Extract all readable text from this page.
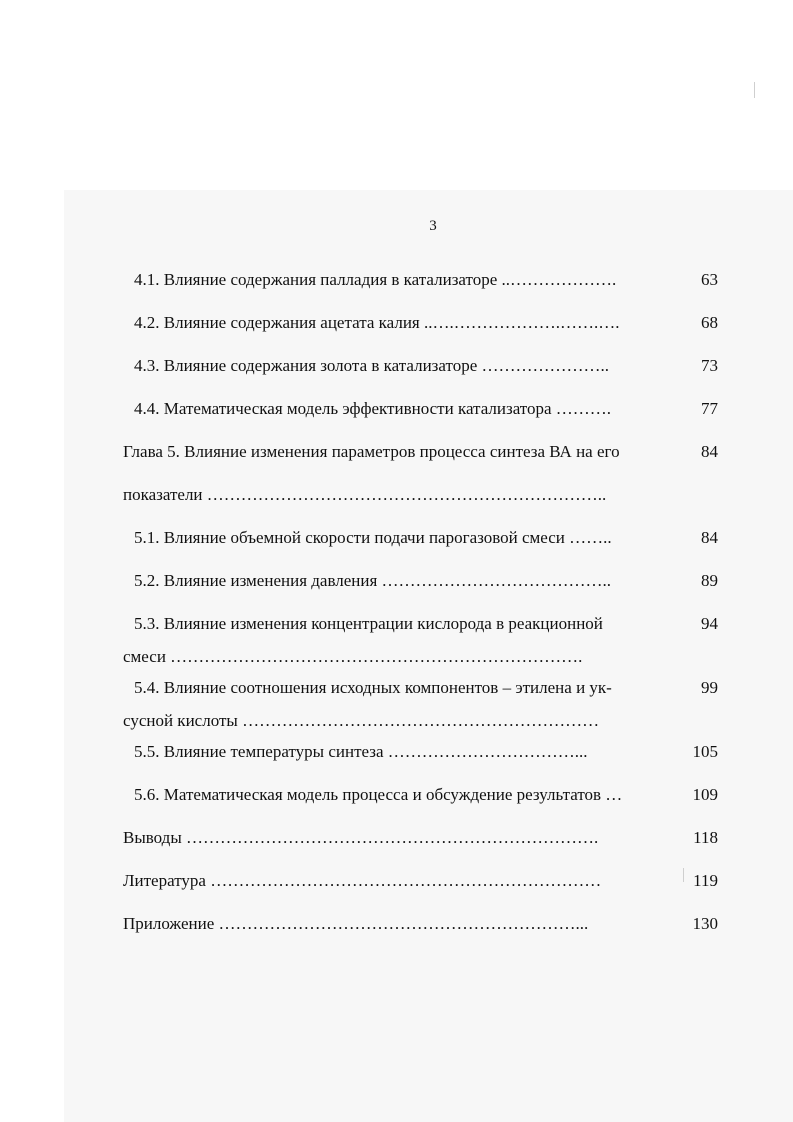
3
4.1. Влияние содержания палладия в катализаторе ..……………….	63
4.2. Влияние содержания ацетата калия ..….……………….…….….	68
4.3. Влияние содержания золота в катализаторе …………………..	73
4.4. Математическая модель эффективности катализатора ……….	77
Глава 5. Влияние изменения параметров процесса синтеза ВА на его	84
показатели ……………………………………………………………..
5.1. Влияние объемной скорости подачи парогазовой смеси ……..	84
5.2. Влияние изменения давления …………………………………..	89
5.3. Влияние изменения концентрации кислорода в реакционной	94
смеси ……………………………………………………………….
5.4. Влияние соотношения исходных компонентов – этилена и ук-	99
сусной кислоты ………………………………………………………
5.5. Влияние температуры синтеза ……………………………...	105
5.6. Математическая модель процесса и обсуждение результатов …	109
Выводы ……………………………………………………………….	118
Литература ……………………………………………………………	119
Приложение ………………………………………………………...	130
